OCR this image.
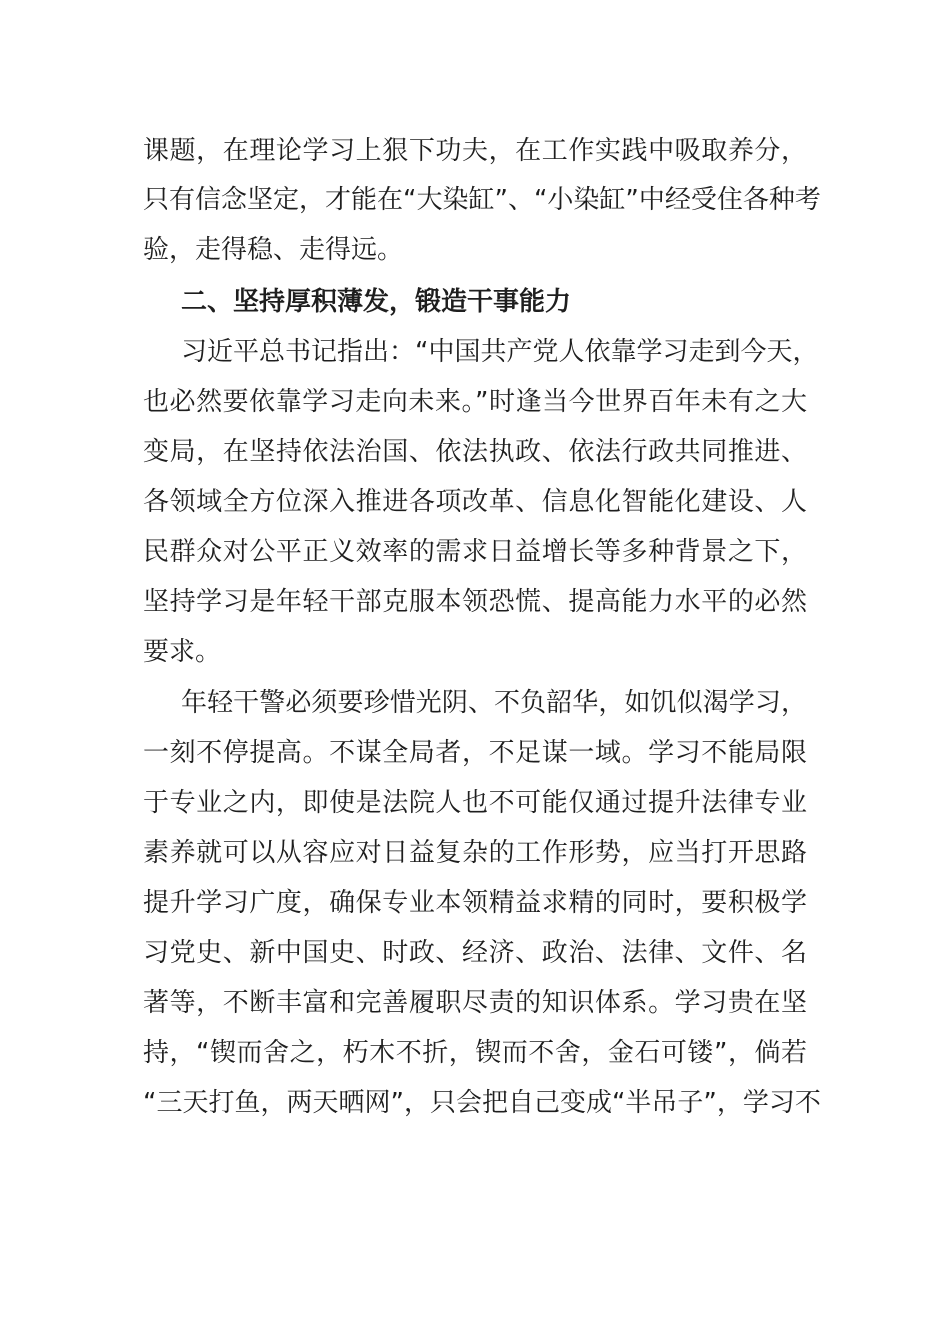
课题，在理论学习上狠下功夫，在工作实践中吸取养分，
只有信念坚定，才能在“大染缸”、“小染缸”中经受住各种考
验，走得稳、走得远。
二、坚持厚积薄发，锻造干事能力
习近平总书记指出：“中国共产党人依靠学习走到今天，
也必然要依靠学习走向未来。”时逢当今世界百年未有之大
变局，在坚持依法治国、依法执政、依法行政共同推进、
各领域全方位深入推进各项改革、信息化智能化建设、人
民群众对公平正义效率的需求日益增长等多种背景之下，
坚持学习是年轻干部克服本领恐慌、提高能力水平的必然
要求。
年轻干警必须要珍惜光阴、不负韶华，如饥似渴学习，
一刻不停提高。不谋全局者，不足谋一域。学习不能局限
于专业之内，即使是法院人也不可能仅通过提升法律专业
素养就可以从容应对日益复杂的工作形势，应当打开思路
提升学习广度，确保专业本领精益求精的同时，要积极学
习党史、新中国史、时政、经济、政治、法律、文件、名
著等，不断丰富和完善履职尽责的知识体系。学习贵在坚
持，“锲而舍之，朽木不折，锲而不舍，金石可镂”，倘若
“三天打鱼，两天晒网”，只会把自己变成“半吊子”，学习不
